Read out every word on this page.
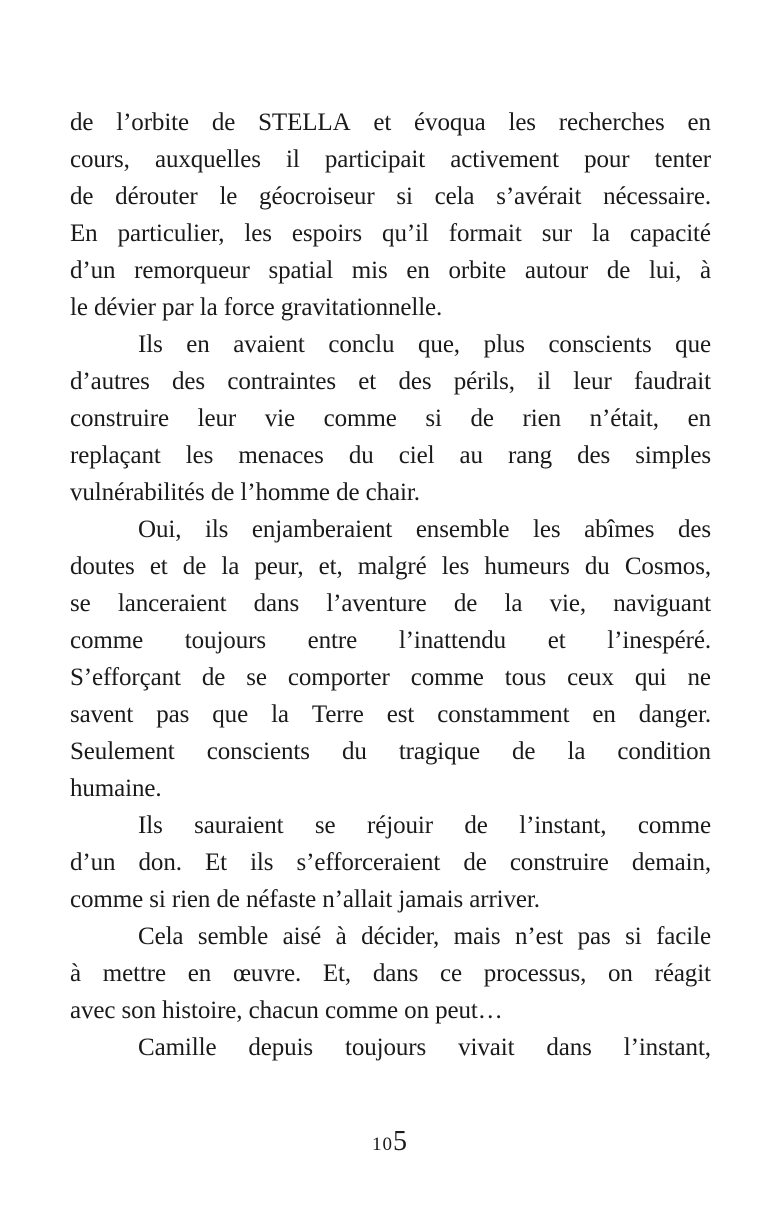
de l’orbite de STELLA et évoqua les recherches en
cours, auxquelles il participait activement pour tenter
de dérouter le géocroiseur si cela s’avérait nécessaire.
En particulier, les espoirs qu’il formait sur la capacité
d’un remorqueur spatial mis en orbite autour de lui, à
le dévier par la force gravitationnelle.
Ils en avaient conclu que, plus conscients que
d’autres des contraintes et des périls, il leur faudrait
construire leur vie comme si de rien n’était, en
replaçant les menaces du ciel au rang des simples
vulnérabilités de l’homme de chair.
Oui, ils enjamberaient ensemble les abîmes des
doutes et de la peur, et, malgré les humeurs du Cosmos,
se lanceraient dans l’aventure de la vie, naviguant
comme toujours entre l’inattendu et l’inespéré.
S’efforçant de se comporter comme tous ceux qui ne
savent pas que la Terre est constamment en danger.
Seulement conscients du tragique de la condition
humaine.
Ils sauraient se réjouir de l’instant, comme
d’un don. Et ils s’efforceraient de construire demain,
comme si rien de néfaste n’allait jamais arriver.
Cela semble aisé à décider, mais n’est pas si facile
à mettre en œuvre. Et, dans ce processus, on réagit
avec son histoire, chacun comme on peut…
Camille depuis toujours vivait dans l’instant,
105
